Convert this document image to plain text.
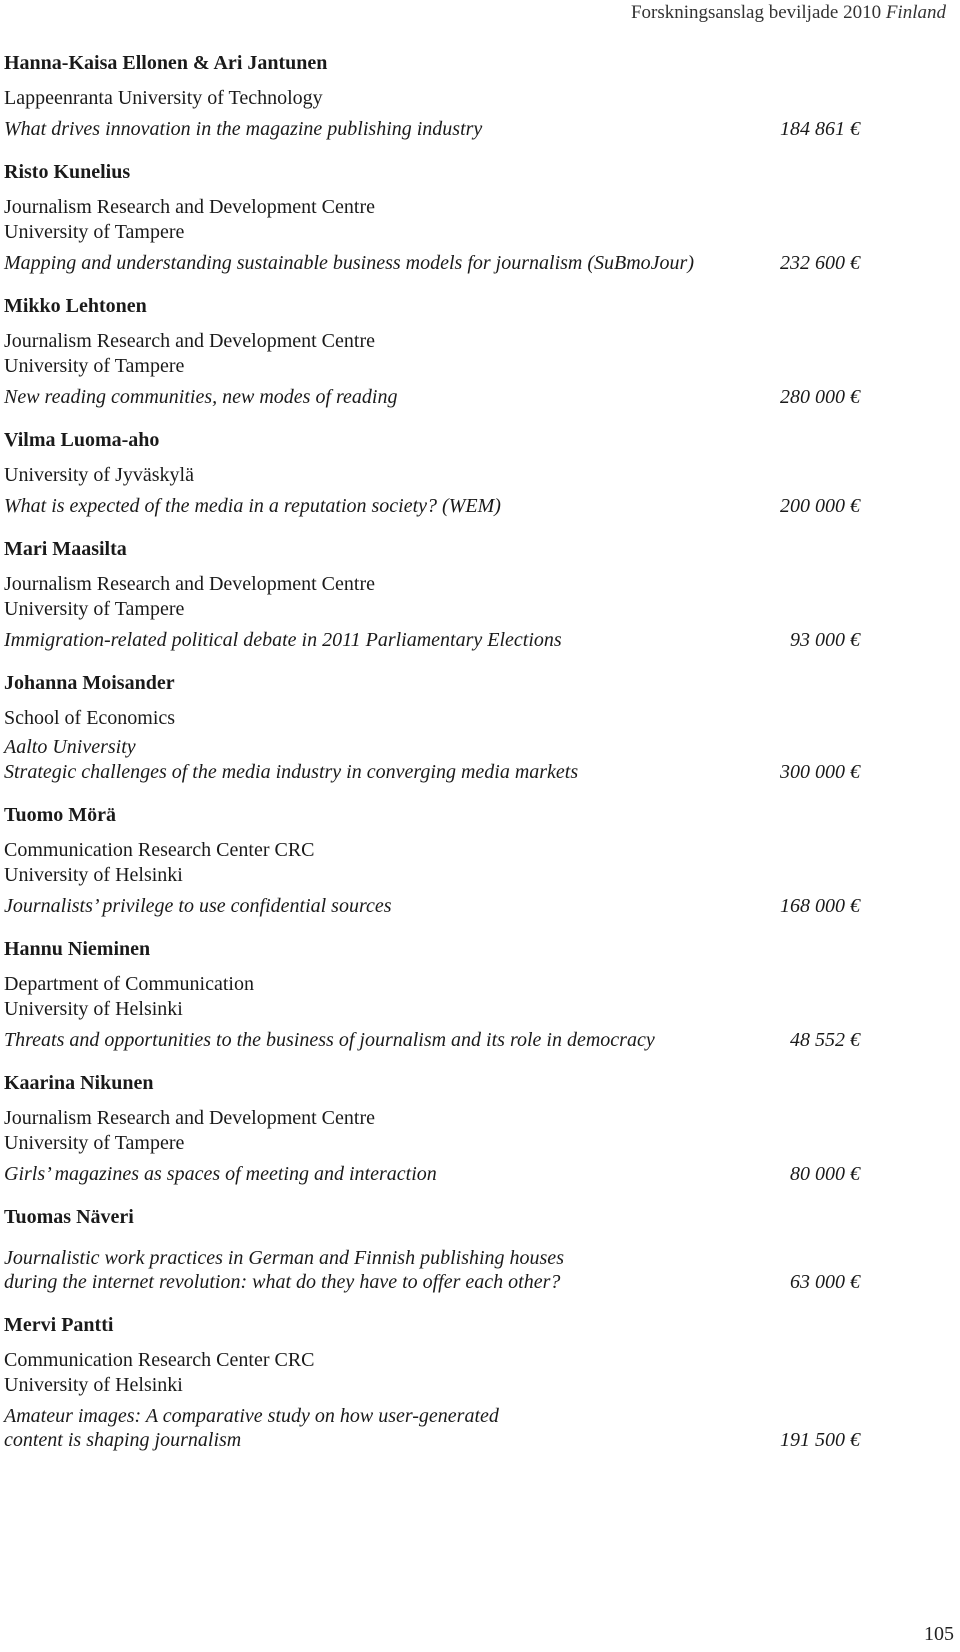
Forskningsanslag beviljade 2010 Finland
Hanna-Kaisa Ellonen & Ari Jantunen
Lappeenranta University of Technology
What drives innovation in the magazine publishing industry	184 861 €
Risto Kunelius
Journalism Research and Development Centre
University of Tampere
Mapping and understanding sustainable business models for journalism (SuBmoJour)	232 600 €
Mikko Lehtonen
Journalism Research and Development Centre
University of Tampere
New reading communities, new modes of reading	280 000 €
Vilma Luoma-aho
University of Jyväskylä
What is expected of the media in a reputation society? (WEM)	200 000 €
Mari Maasilta
Journalism Research and Development Centre
University of Tampere
Immigration-related political debate in 2011 Parliamentary Elections	93 000 €
Johanna Moisander
School of Economics
Aalto University
Strategic challenges of the media industry in converging media markets	300 000 €
Tuomo Mörä
Communication Research Center CRC
University of Helsinki
Journalists’ privilege to use confidential sources	168 000 €
Hannu Nieminen
Department of Communication
University of Helsinki
Threats and opportunities to the business of journalism and its role in democracy	48 552 €
Kaarina Nikunen
Journalism Research and Development Centre
University of Tampere
Girls’ magazines as spaces of meeting and interaction	80 000 €
Tuomas Näveri
Journalistic work practices in German and Finnish publishing houses
during the internet revolution: what do they have to offer each other?	63 000 €
Mervi Pantti
Communication Research Center CRC
University of Helsinki
Amateur images: A comparative study on how user-generated
content is shaping journalism	191 500 €
105
